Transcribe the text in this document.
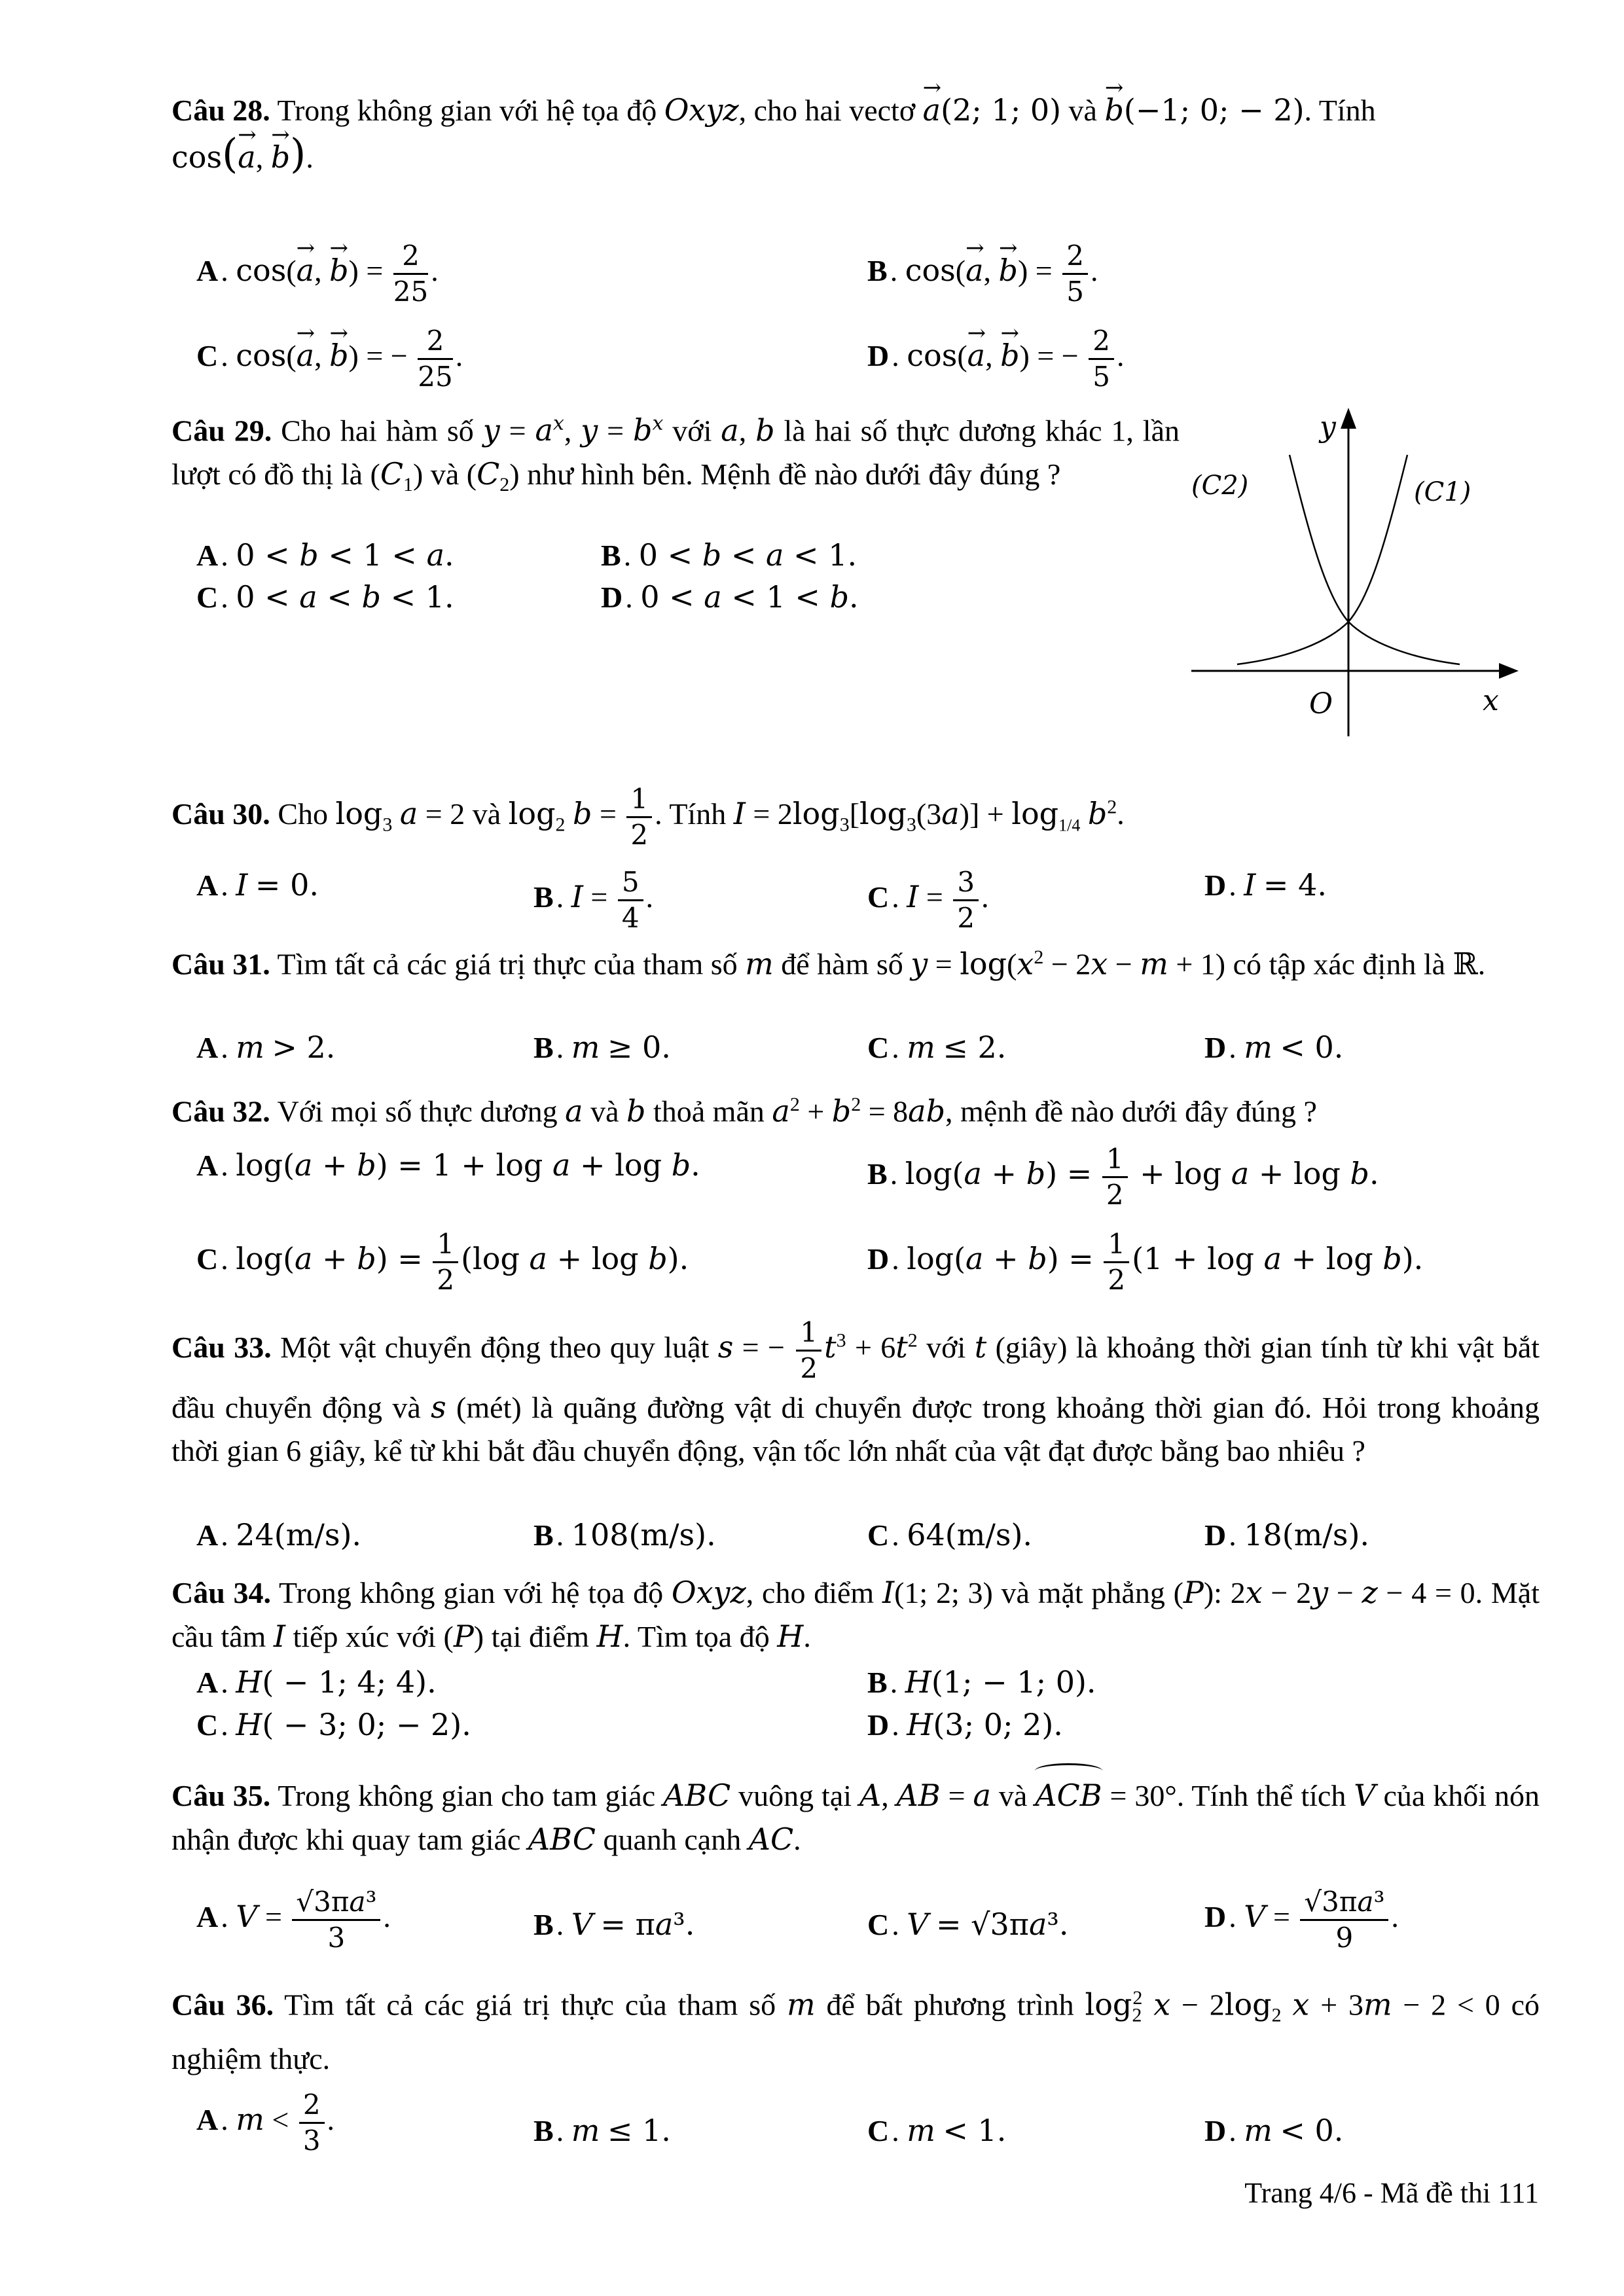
Câu 28. Trong không gian với hệ tọa độ Oxyz, cho hai vectơ → a(2; 1; 0) và → b(−1; 0; − 2). Tính
cos(→ a, → b).
A. cos(→ a, → $b) = \frac{2}{25}$ .	B. cos(→ a, → $b) = \frac{2}{5}$ .
C. cos(→ a, → b) = − $\frac{2}{25}$ .	D. cos(→ a, → b) = − $\frac{2}{5}$ .
Câu 29. Cho hai hàm số $y = a^x$, $y = b^x$ với a, b là hai số thực dương khác 1, lần lượt có đồ thị là $(C_1)$ và $(C_2)$ như hình bên. Mệnh đề nào dưới đây đúng ?
A. 0 < b < 1 < a.	B. 0 < b < a < 1.
C. 0 < a < b < 1.	D. 0 < a < 1 < b.
y
x
O
(C1)
(C2)
Câu 30. Cho $\log_3 a = 2$ và $\log_2 b = \frac{1}{2}$ . Tính $I = 2\log_3[\log_3(3a)] + \log_{1/4} b^2$.
A. I = 0.	B. $I = \frac{5}{4}$ .	C. $I = \frac{3}{2}$ .	D. I = 4.
Câu 31. Tìm tất cả các giá trị thực của tham số m để hàm số $y = \log(x^2 - 2x - m + 1)$ có tập xác định là ℝ.
A. m > 2.	B. m ≥ 0.	C. m ≤ 2.	D. m < 0.
Câu 32. Với mọi số thực dương a và b thoả mãn $a^2 + b^2 = 8ab$, mệnh đề nào dưới đây đúng ?
A. log(a + b) = 1 + log a + log b.	B. $\log(a + b) = \frac{1}{2} + \log a + \log b$.
C. $\log(a + b) = \frac{1}{2} (\log$ a + log b).	D. $\log(a + b) = \frac{1}{2} (1 + \log a + \log b)$.
Câu 33. Một vật chuyển động theo quy luật s = − $\frac{1}{2} t^3 + 6t^2$ với t (giây) là khoảng thời gian tính từ khi vật bắt đầu chuyển động và s (mét) là quãng đường vật di chuyển được trong khoảng thời gian đó. Hỏi trong khoảng thời gian 6 giây, kể từ khi bắt đầu chuyển động, vận tốc lớn nhất của vật đạt được bằng bao nhiêu ?
A. 24(m/s).	B. 108(m/s).	C. 64(m/s).	D. 18(m/s).
Câu 34. Trong không gian với hệ tọa độ Oxyz, cho điểm I(1; 2; 3) và mặt phẳng (P): 2x − 2y − z − 4 = 0. Mặt cầu tâm I tiếp xúc với (P) tại điểm H. Tìm tọa độ H.
A. H( − 1; 4; 4).	B. H(1; − 1; 0).
C. H( − 3; 0; − 2).	D. H(3; 0; 2).
Câu 35. Trong không gian cho tam giác ABC vuông tại A, AB = a và ACB = 30°. Tính thể tích V của khối nón nhận được khi quay tam giác ABC quanh cạnh AC.
A. $V = \frac{\text{√3πa³}}{3}$ .	B. V = πa³.	C. V = √3πa³.	D. $V = \frac{\text{√3πa³}}{9}$ .
Câu 36. Tìm tất cả các giá trị thực của tham số m để bất phương trình $\log_2^2 x - 2\log_2$ x + 3m − 2 < 0 có nghiệm thực.
A. $m < \frac{2}{3}$ .	B. m ≤ 1.	C. m < 1.	D. m < 0.
Trang 4/6 - Mã đề thi 111
